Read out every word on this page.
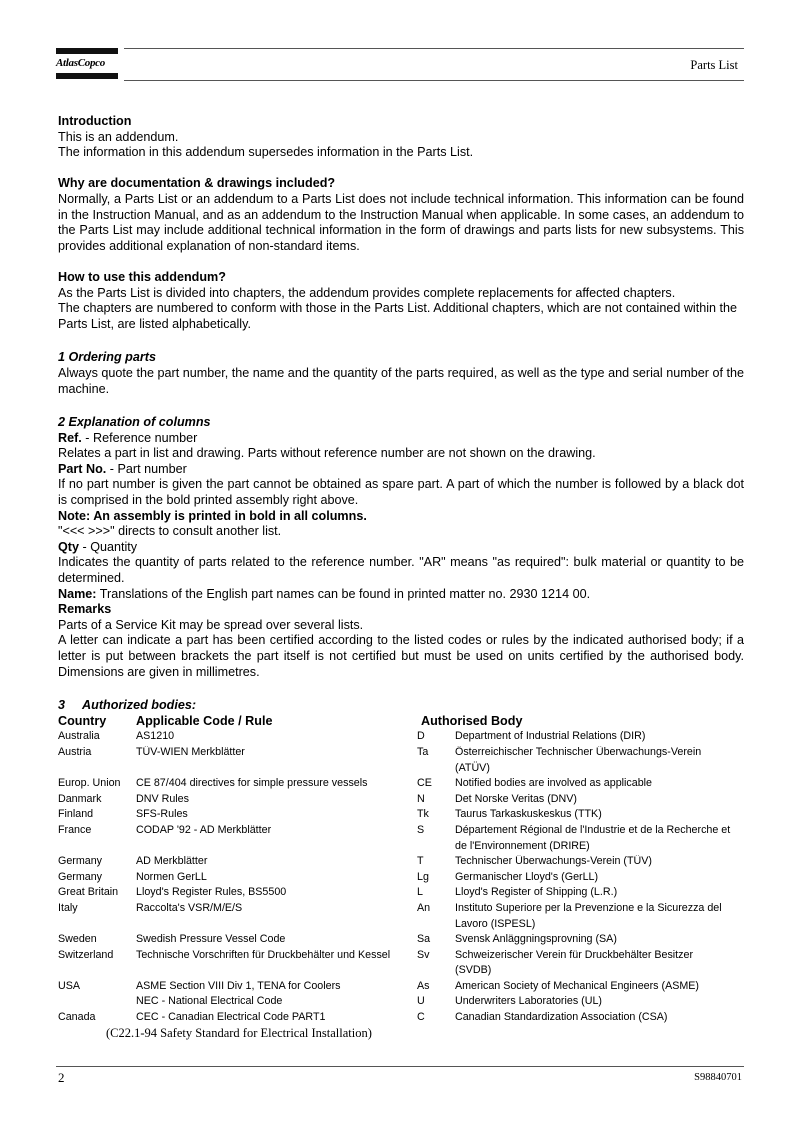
AtlasCopco	Parts List

Introduction

This is an addendum.

The information in this addendum supersedes information in the Parts List.

Why are documentation & drawings included?

Normally, a Parts List or an addendum to a Parts List does not include technical information. This information can be found in the Instruction Manual, and as an addendum to the Instruction Manual when applicable. In some cases, an addendum to the Parts List may include additional technical information in the form of drawings and parts lists for new subsystems. This provides additional explanation of non-standard items.

How to use this addendum?

As the Parts List is divided into chapters, the addendum provides complete replacements for affected chapters.

The chapters are numbered to conform with those in the Parts List. Additional chapters, which are not contained within the Parts List, are listed alphabetically.

1 Ordering parts

Always quote the part number, the name and the quantity of the parts required, as well as the type and serial number of the machine.

2 Explanation of columns

Ref. - Reference number

Relates a part in list and drawing. Parts without reference number are not shown on the drawing.

Part No. - Part number

If no part number is given the part cannot be obtained as spare part. A part of which the number is followed by a black dot is comprised in the bold printed assembly right above.

Note: An assembly is printed in bold in all columns.

"<<< >>>" directs to consult another list.

Qty - Quantity

Indicates the quantity of parts related to the reference number. "AR" means "as required": bulk material or quantity to be determined.

Name: Translations of the English part names can be found in printed matter no. 2930 1214 00.

Remarks

Parts of a Service Kit may be spread over several lists.

A letter can indicate a part has been certified according to the listed codes or rules by the indicated authorised body; if a letter is put between brackets the part itself is not certified but must be used on units certified by the authorised body. Dimensions are given in millimetres.

3     Authorized bodies:

Country	Applicable Code / Rule	Authorised Body	
Australia	AS1210	D	Department of Industrial Relations (DIR)
Austria	TÜV-WIEN Merkblätter	Ta	Österreichischer Technischer Überwachungs-Verein (ATÜV)
Europ. Union	CE 87/404 directives for simple pressure vessels	CE	Notified bodies are involved as applicable
Danmark	DNV Rules	N	Det Norske Veritas (DNV)
Finland	SFS-Rules	Tk	Taurus Tarkaskuskeskus (TTK)
France	CODAP '92 - AD Merkblätter	S	Département Régional de l'Industrie et de la Recherche et de l'Environnement (DRIRE)
Germany	AD Merkblätter	T	Technischer Überwachungs-Verein (TÜV)
Germany	Normen GerLL	Lg	Germanischer Lloyd's (GerLL)
Great Britain	Lloyd's Register Rules, BS5500	L	Lloyd's Register of Shipping (L.R.)
Italy	Raccolta's VSR/M/E/S	An	Instituto Superiore per la Prevenzione e la Sicurezza del Lavoro (ISPESL)
Sweden	Swedish Pressure Vessel Code	Sa	Svensk Anläggningsprovning (SA)
Switzerland	Technische Vorschriften für Druckbehälter und Kessel	Sv	Schweizerischer Verein für Druckbehälter Besitzer (SVDB)
USA	ASME Section VIII Div 1, TENA for Coolers	As	American Society of Mechanical Engineers (ASME)
	NEC - National Electrical Code	U	Underwriters Laboratories (UL)
Canada	CEC - Canadian Electrical Code PART1	C	Canadian Standardization Association (CSA)

(C22.1-94 Safety Standard for Electrical Installation)

2	S98840701
